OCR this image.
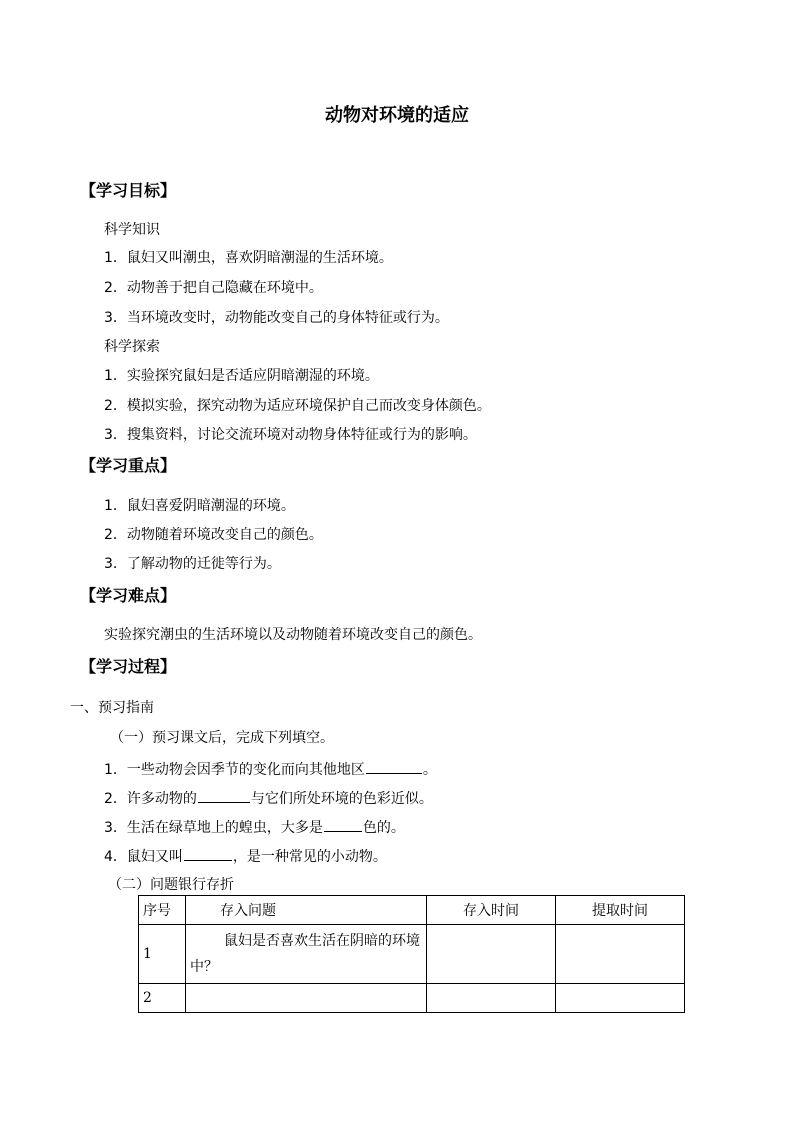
动物对环境的适应
【学习目标】
科学知识
1．鼠妇又叫潮虫，喜欢阴暗潮湿的生活环境。
2．动物善于把自己隐藏在环境中。
3．当环境改变时，动物能改变自己的身体特征或行为。
科学探索
1．实验探究鼠妇是否适应阴暗潮湿的环境。
2．模拟实验，探究动物为适应环境保护自己而改变身体颜色。
3．搜集资料，讨论交流环境对动物身体特征或行为的影响。
【学习重点】
1．鼠妇喜爱阴暗潮湿的环境。
2．动物随着环境改变自己的颜色。
3．了解动物的迁徙等行为。
【学习难点】
实验探究潮虫的生活环境以及动物随着环境改变自己的颜色。
【学习过程】
一、预习指南
（一）预习课文后，完成下列填空。
1．一些动物会因季节的变化而向其他地区	。
2．许多动物的	与它们所处环境的色彩近似。
3．生活在绿草地上的蝗虫，大多是	色的。
4．鼠妇又叫	，是一种常见的小动物。
（二）问题银行存折
序号	存入问题	存入时间	提取时间
1	鼠妇是否喜欢生活在阴暗的环境中？		
2			
